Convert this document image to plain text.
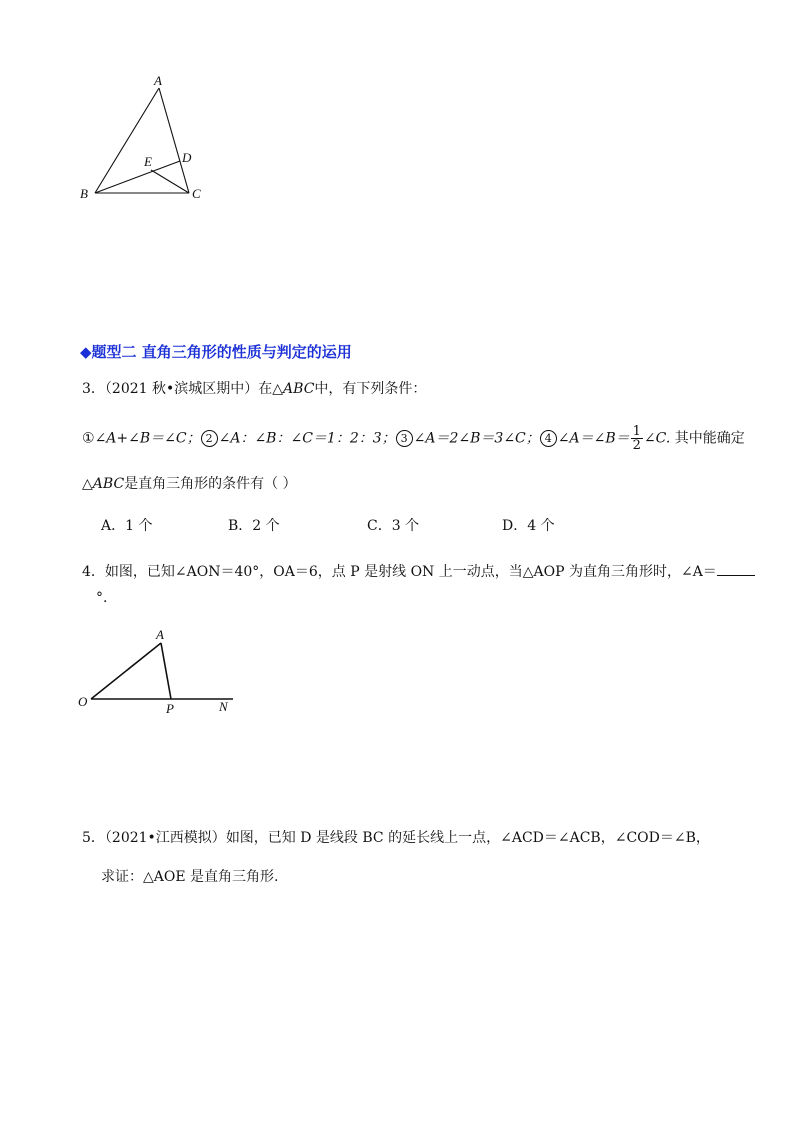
A
B	C
D
E
◆题型二 直角三角形的性质与判定的运用
3．（2021 秋•滨城区期中）在△ABC中，有下列条件：
①∠A+∠B＝∠C； 2 ∠A：∠B：∠C＝1：2：3； 3 ∠A＝2∠B＝3∠C； 4 ∠A＝∠B＝ $\frac{1}{2}$ ∠C. 其中能确定
△ABC是直角三角形的条件有（ ）
A．1 个	B．2 个	C．3 个	D．4 个
4．如图，已知∠AON＝40°，OA＝6，点 P 是射线 ON 上一动点，当△AOP 为直角三角形时，∠A＝
°.
A
O	P	N
5．（2021•江西模拟）如图，已知 D 是线段 BC 的延长线上一点，∠ACD＝∠ACB，∠COD＝∠B，
求证：△AOE 是直角三角形.
